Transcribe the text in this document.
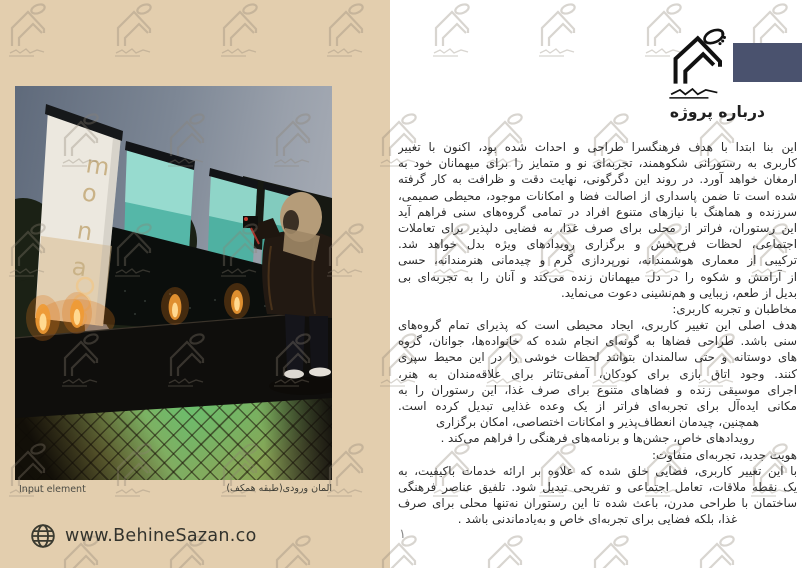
m
o
n
a
درباره پروژه
این بنا ابتدا با هدف فرهنگسرا طراحی و احداث شده بود، اکنون با تغییر
کاربری به رستورانی شکوهمند، تجربه‌ای نو و متمایز را برای میهمانان خود به
ارمغان خواهد آورد. در روند این دگرگونی، نهایت دقت و ظرافت به کار گرفته
شده است تا ضمن پاسداری از اصالت فضا و امکانات موجود، محیطی صمیمی،
سرزنده و هماهنگ با نیازهای متنوع افراد در تمامی گروه‌های سنی فراهم آید
این رستوران، فراتر از محلی برای صرف غذا، به فضایی دلپذیر برای تعاملات
اجتماعی، لحظات فرح‌بخش و برگزاری رویدادهای ویژه بدل خواهد شد.
ترکیبی از معماری هوشمندانه، نورپردازی گرم و چیدمانی هنرمندانه، حسی
از آرامش و شکوه را در دل میهمانان زنده می‌کند و آنان را به تجربه‌ای بی
بدیل از طعم، زیبایی و هم‌نشینی دعوت می‌نماید.
مخاطبان و تجربه کاربری:
هدف اصلی این تغییر کاربری، ایجاد محیطی است که پذیرای تمام گروه‌های
سنی باشد. طراحی فضاها به گونه‌ای انجام شده که خانواده‌ها، جوانان، گروه
های دوستانه و حتی سالمندان بتوانند لحظات خوشی را در این محیط سپری
کنند. وجود اتاق بازی برای کودکان، آمفی‌تئاتر برای علاقه‌مندان به هنر،
اجرای موسیقی زنده و فضاهای متنوع برای صرف غذا، این رستوران را به
مکانی ایده‌آل برای تجربه‌ای فراتر از یک وعده غذایی تبدیل کرده است.
همچنین، چیدمان انعطاف‌پذیر و امکانات اختصاصی، امکان برگزاری
رویدادهای خاص، جشن‌ها و برنامه‌های فرهنگی را فراهم می‌کند .
هویت جدید، تجربه‌ای متفاوت:
با این تغییر کاربری، فضایی خلق شده که علاوه بر ارائه خدمات باکیفیت، به
یک نقطه ملاقات، تعامل اجتماعی و تفریحی تبدیل شود. تلفیق عناصر فرهنگی
ساختمان با طراحی مدرن، باعث شده تا این رستوران نه‌تنها محلی برای صرف
غذا، بلکه فضایی برای تجربه‌ای خاص و به‌یادماندنی باشد .
Input element	المان ورودی(طبقه همکف)
www.BehineSazan.co	۱
